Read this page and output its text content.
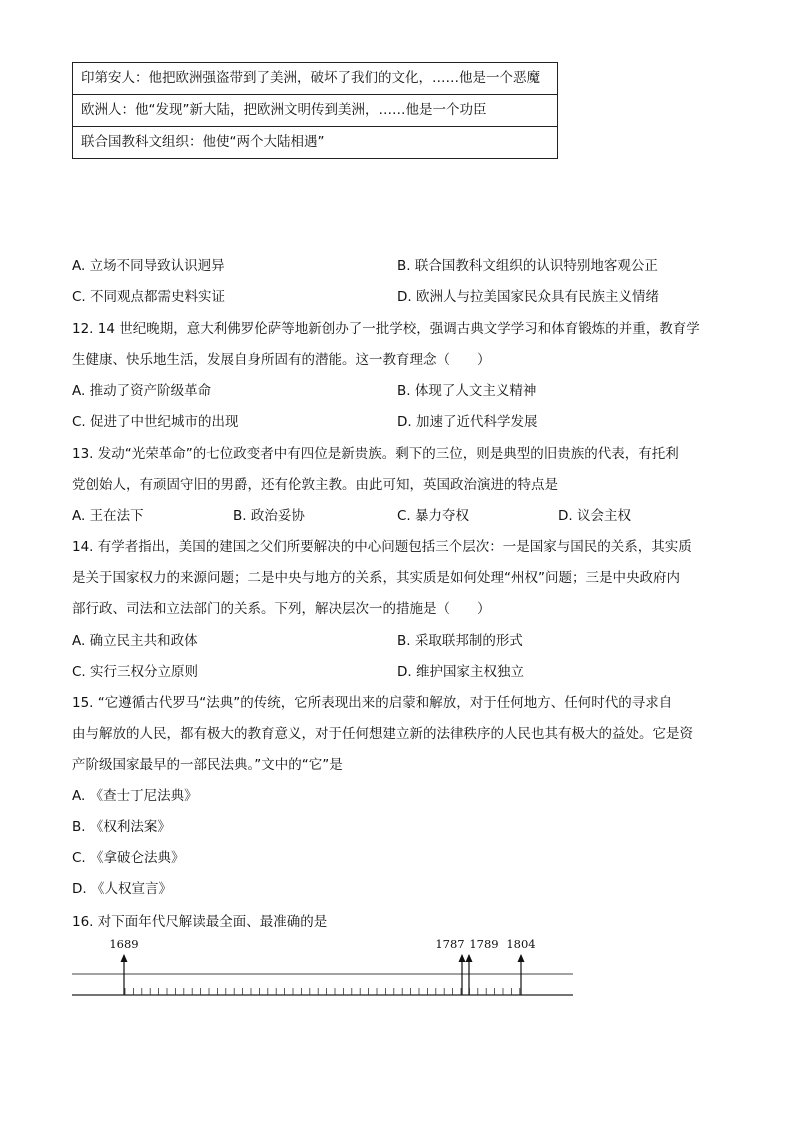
印第安人：他把欧洲强盗带到了美洲，破坏了我们的文化，……他是一个恶魔
欧洲人：他“发现”新大陆，把欧洲文明传到美洲，……他是一个功臣
联合国教科文组织：他使“两个大陆相遇”
A. 立场不同导致认识迥异	B. 联合国教科文组织的认识特别地客观公正
C. 不同观点都需史料实证	D. 欧洲人与拉美国家民众具有民族主义情绪
12. 14 世纪晚期，意大利佛罗伦萨等地新创办了一批学校，强调古典文学学习和体育锻炼的并重，教育学
生健康、快乐地生活，发展自身所固有的潜能。这一教育理念（　　）
A. 推动了资产阶级革命	B. 体现了人文主义精神
C. 促进了中世纪城市的出现	D. 加速了近代科学发展
13. 发动“光荣革命”的七位政变者中有四位是新贵族。剩下的三位，则是典型的旧贵族的代表，有托利
党创始人，有顽固守旧的男爵，还有伦敦主教。由此可知，英国政治演进的特点是
A. 王在法下	B. 政治妥协	C. 暴力夺权	D. 议会主权
14. 有学者指出，美国的建国之父们所要解决的中心问题包括三个层次：一是国家与国民的关系，其实质
是关于国家权力的来源问题；二是中央与地方的关系，其实质是如何处理“州权”问题；三是中央政府内
部行政、司法和立法部门的关系。下列，解决层次一的措施是（　　）
A. 确立民主共和政体	B. 采取联邦制的形式
C. 实行三权分立原则	D. 维护国家主权独立
15. “它遵循古代罗马“法典”的传统，它所表现出来的启蒙和解放，对于任何地方、任何时代的寻求自
由与解放的人民，都有极大的教育意义，对于任何想建立新的法律秩序的人民也其有极大的益处。它是资
产阶级国家最早的一部民法典。”文中的“它”是
A. 《查士丁尼法典》
B. 《权利法案》
C. 《拿破仑法典》
D. 《人权宣言》
16. 对下面年代尺解读最全面、最准确的是
1689	1787 1789 1804
